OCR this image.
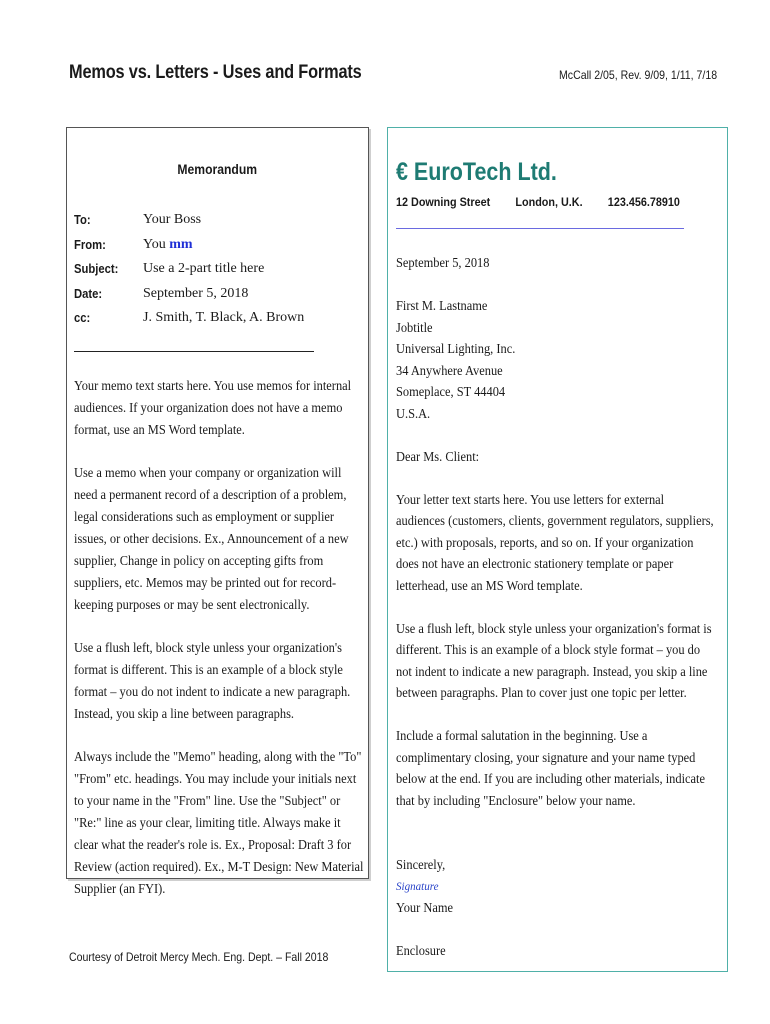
Memos vs. Letters - Uses and Formats	McCall 2/05, Rev. 9/09, 1/11, 7/18
Memorandum
To:	Your Boss
From:	You mm
Subject:	Use a 2-part title here
Date:	September 5, 2018
cc:	J. Smith, T. Black, A. Brown

Your memo text starts here. You use memos for internal audiences. If your organization does not have a memo format, use an MS Word template.

Use a memo when your company or organization will need a permanent record of a description of a problem, legal considerations such as employment or supplier issues, or other decisions. Ex., Announcement of a new supplier, Change in policy on accepting gifts from suppliers, etc. Memos may be printed out for record-keeping purposes or may be sent electronically.

Use a flush left, block style unless your organization's format is different. This is an example of a block style format – you do not indent to indicate a new paragraph. Instead, you skip a line between paragraphs.

Always include the "Memo" heading, along with the "To" "From" etc. headings. You may include your initials next to your name in the "From" line. Use the "Subject" or "Re:" line as your clear, limiting title. Always make it clear what the reader's role is. Ex., Proposal: Draft 3 for Review (action required). Ex., M-T Design: New Material Supplier (an FYI).

€ EuroTech Ltd.
12 Downing Street London, U.K. 123.456.78910

September 5, 2018

First M. Lastname

Jobtitle

Universal Lighting, Inc.

34 Anywhere Avenue

Someplace, ST 44404

U.S.A.

Dear Ms. Client:

Your letter text starts here. You use letters for external audiences (customers, clients, government regulators, suppliers, etc.) with proposals, reports, and so on. If your organization does not have an electronic stationery template or paper letterhead, use an MS Word template.

Use a flush left, block style unless your organization's format is different. This is an example of a block style format – you do not indent to indicate a new paragraph. Instead, you skip a line between paragraphs. Plan to cover just one topic per letter.

Include a formal salutation in the beginning. Use a complimentary closing, your signature and your name typed below at the end. If you are including other materials, indicate that by including "Enclosure" below your name.

Sincerely,

Signature

Your Name

Enclosure

Courtesy of Detroit Mercy Mech. Eng. Dept. – Fall 2018
